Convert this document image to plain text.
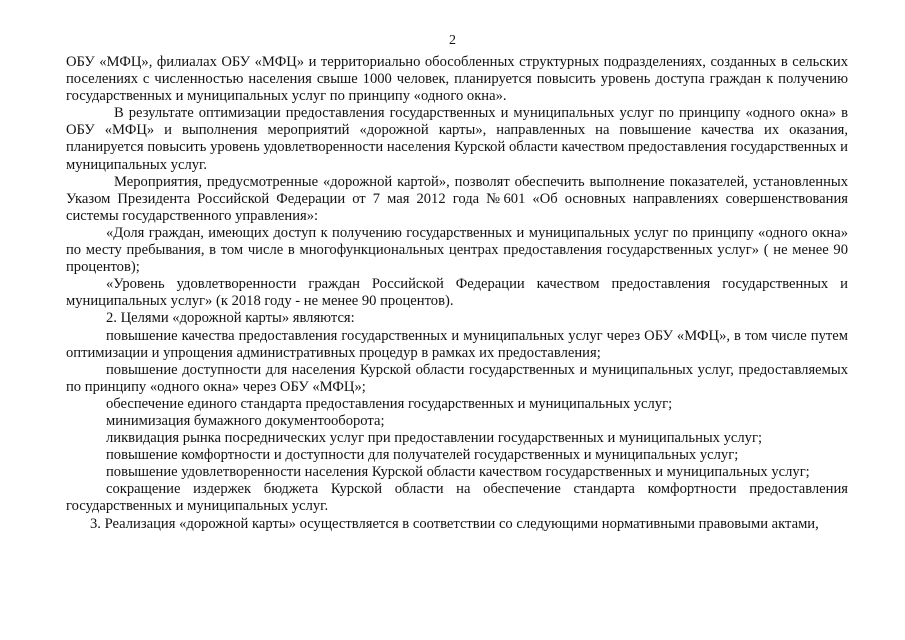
2

ОБУ «МФЦ», филиалах ОБУ «МФЦ» и территориально обособленных структурных подразделениях, созданных в сельских поселениях с численностью населения свыше 1000 человек, планируется повысить уровень доступа граждан к получению государственных и муниципальных услуг по принципу «одного окна».

В результате оптимизации предоставления государственных и муниципальных услуг по принципу «одного окна» в ОБУ «МФЦ» и выполнения мероприятий «дорожной карты», направленных на повышение качества их оказания, планируется повысить уровень удовлетворенности населения Курской области качеством предоставления государственных и муниципальных услуг.

Мероприятия, предусмотренные «дорожной картой», позволят обеспечить выполнение показателей, установленных Указом Президента Российской Федерации от 7 мая 2012 года №601 «Об основных направлениях совершенствования системы государственного управления»:

«Доля граждан, имеющих доступ к получению государственных и муниципальных услуг по принципу «одного окна» по месту пребывания, в том числе в многофункциональных центрах предоставления государственных услуг» ( не менее 90 процентов);

«Уровень удовлетворенности граждан Российской Федерации качеством предоставления государственных и муниципальных услуг» (к 2018 году - не менее 90 процентов).

2. Целями «дорожной карты» являются:

повышение качества предоставления государственных и муниципальных услуг через ОБУ «МФЦ», в том числе путем оптимизации и упрощения административных процедур в рамках их предоставления;

повышение доступности для населения Курской области государственных и муниципальных услуг, предоставляемых по принципу «одного окна» через ОБУ «МФЦ»;

обеспечение единого стандарта предоставления государственных и муниципальных услуг;

минимизация бумажного документооборота;

ликвидация рынка посреднических услуг при предоставлении государственных и муниципальных услуг;

повышение комфортности и доступности для получателей государственных и муниципальных услуг;

повышение удовлетворенности населения Курской области качеством государственных и муниципальных услуг;

сокращение издержек бюджета Курской области на обеспечение стандарта комфортности предоставления государственных и муниципальных услуг.

3. Реализация «дорожной карты» осуществляется в соответствии со следующими нормативными правовыми актами,
